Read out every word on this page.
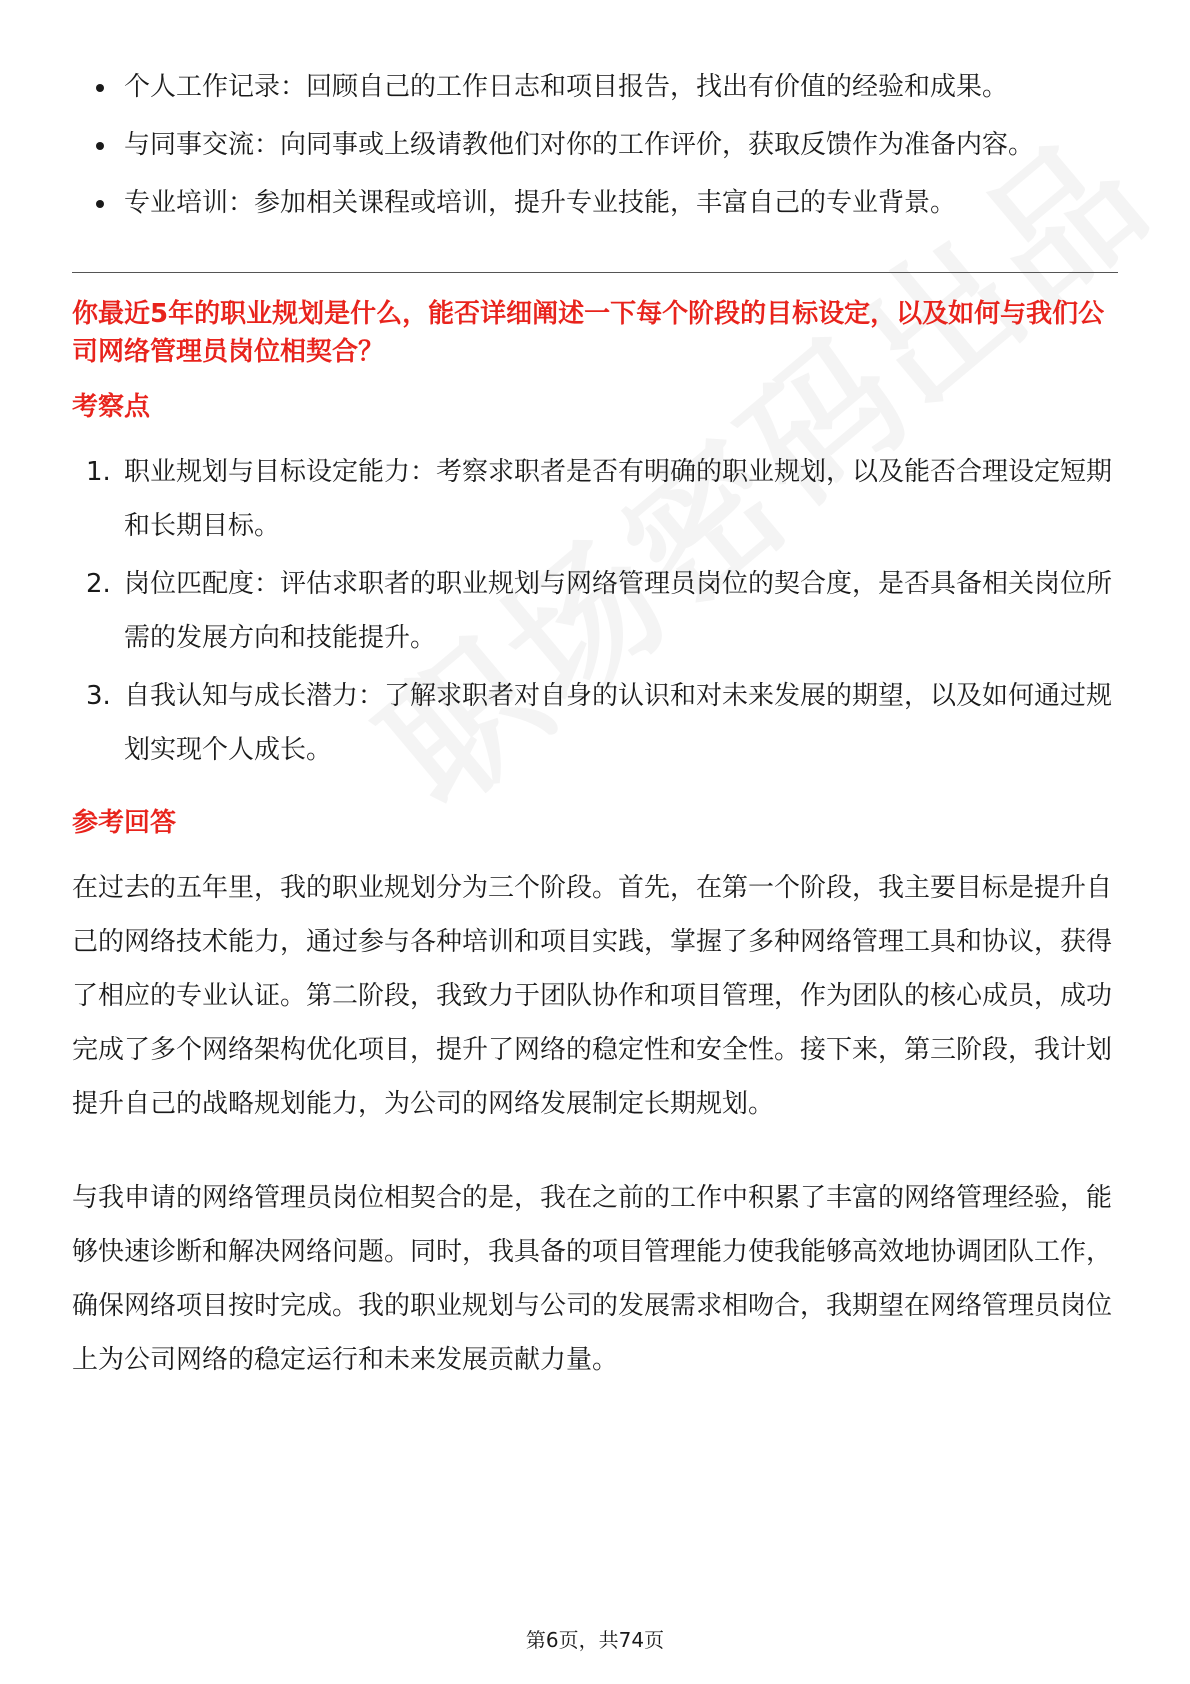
个人工作记录：回顾自己的工作日志和项目报告，找出有价值的经验和成果。
与同事交流：向同事或上级请教他们对你的工作评价，获取反馈作为准备内容。
专业培训：参加相关课程或培训，提升专业技能，丰富自己的专业背景。

你最近5年的职业规划是什么，能否详细阐述一下每个阶段的目标设定，以及如何与我们公司网络管理员岗位相契合？

考察点
1. 职业规划与目标设定能力：考察求职者是否有明确的职业规划，以及能否合理设定短期和长期目标。
2. 岗位匹配度：评估求职者的职业规划与网络管理员岗位的契合度，是否具备相关岗位所需的发展方向和技能提升。
3. 自我认知与成长潜力：了解求职者对自身的认识和对未来发展的期望，以及如何通过规划实现个人成长。
参考回答

在过去的五年里，我的职业规划分为三个阶段。首先，在第一个阶段，我主要目标是提升自己的网络技术能力，通过参与各种培训和项目实践，掌握了多种网络管理工具和协议，获得了相应的专业认证。第二阶段，我致力于团队协作和项目管理，作为团队的核心成员，成功完成了多个网络架构优化项目，提升了网络的稳定性和安全性。接下来，第三阶段，我计划提升自己的战略规划能力，为公司的网络发展制定长期规划。

与我申请的网络管理员岗位相契合的是，我在之前的工作中积累了丰富的网络管理经验，能够快速诊断和解决网络问题。同时，我具备的项目管理能力使我能够高效地协调团队工作，确保网络项目按时完成。我的职业规划与公司的发展需求相吻合，我期望在网络管理员岗位上为公司网络的稳定运行和未来发展贡献力量。

第6页，共74页
